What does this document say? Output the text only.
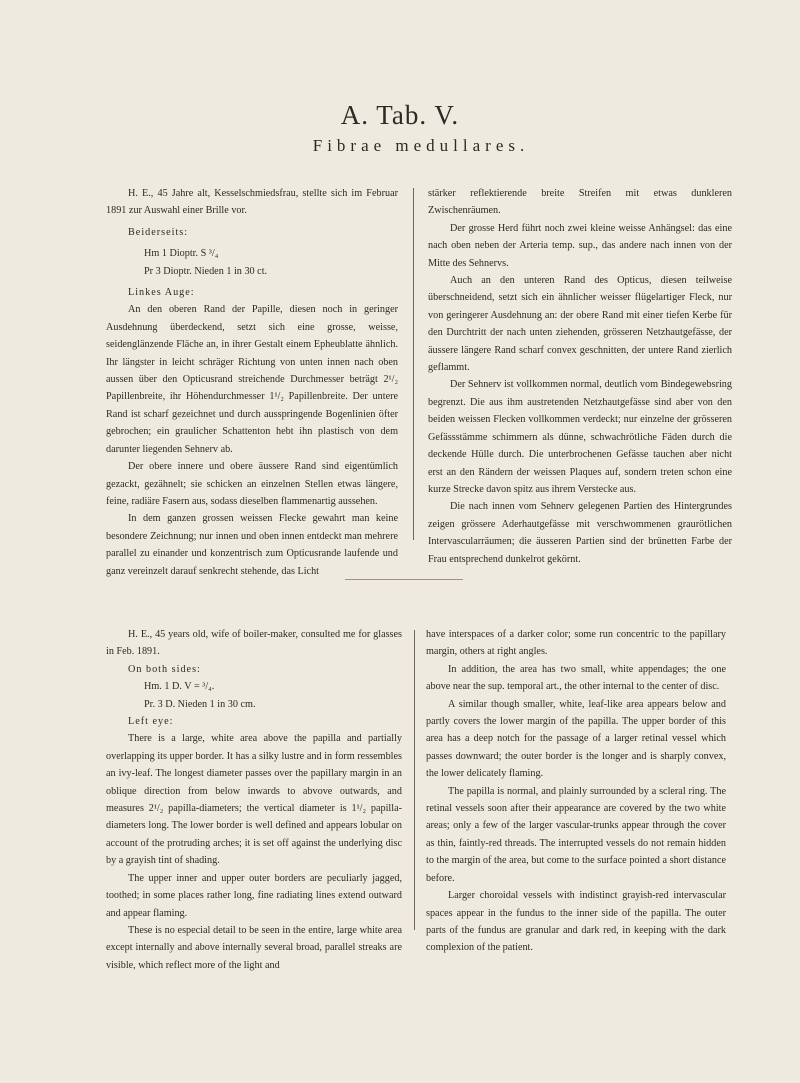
A. Tab. V.
Fibrae medullares.

H. E., 45 Jahre alt, Kesselschmiedsfrau, stellte sich im Februar 1891 zur Auswahl einer Brille vor.

Beiderseits:

Hm 1 Dioptr. S ³/₄

Pr 3 Dioptr. Nieden 1 in 30 ct.

Linkes Auge:

An den oberen Rand der Papille, diesen noch in geringer Ausdehnung überdeckend, setzt sich eine grosse, weisse, seidenglänzende Fläche an, in ihrer Gestalt einem Epheublatte ähnlich. Ihr längster in leicht schräger Richtung von unten innen nach oben aussen über den Opticusrand streichende Durchmesser beträgt 2¹/₂ Papillenbreite, ihr Höhendurchmesser 1¹/₂ Papillenbreite. Der untere Rand ist scharf gezeichnet und durch ausspringende Bogenlinien öfter gebrochen; ein graulicher Schattenton hebt ihn plastisch von dem darunter liegenden Sehnerv ab.

Der obere innere und obere äussere Rand sind eigentümlich gezackt, gezähnelt; sie schicken an einzelnen Stellen etwas längere, feine, radiäre Fasern aus, sodass dieselben flammenartig aussehen.

In dem ganzen grossen weissen Flecke gewahrt man keine besondere Zeichnung; nur innen und oben innen entdeckt man mehrere parallel zu einander und konzentrisch zum Opticusrande laufende und ganz vereinzelt darauf senkrecht stehende, das Licht

stärker reflektierende breite Streifen mit etwas dunkleren Zwischenräumen.

Der grosse Herd führt noch zwei kleine weisse Anhängsel: das eine nach oben neben der Arteria temp. sup., das andere nach innen von der Mitte des Sehnervs.

Auch an den unteren Rand des Opticus, diesen teilweise überschneidend, setzt sich ein ähnlicher weisser flügelartiger Fleck, nur von geringerer Ausdehnung an: der obere Rand mit einer tiefen Kerbe für den Durchtritt der nach unten ziehenden, grösseren Netzhautgefässe, der äussere längere Rand scharf convex geschnitten, der untere Rand zierlich geflammt.

Der Sehnerv ist vollkommen normal, deutlich vom Bindegewebsring begrenzt. Die aus ihm austretenden Netzhautgefässe sind aber von den beiden weissen Flecken vollkommen verdeckt; nur einzelne der grösseren Gefässstämme schimmern als dünne, schwachrötliche Fäden durch die deckende Hülle durch. Die unterbrochenen Gefässe tauchen aber nicht erst an den Rändern der weissen Plaques auf, sondern treten schon eine kurze Strecke davon spitz aus ihrem Verstecke aus.

Die nach innen vom Sehnerv gelegenen Partien des Hintergrundes zeigen grössere Aderhautgefässe mit verschwommenen graurötlichen Intervascularräumen; die äusseren Partien sind der brünetten Farbe der Frau entsprechend dunkelrot gekörnt.

H. E., 45 years old, wife of boiler-maker, consulted me for glasses in Feb. 1891.

On both sides:

Hm. 1 D. V = ³/₄.

Pr. 3 D. Nieden 1 in 30 cm.

Left eye:

There is a large, white area above the papilla and partially overlapping its upper border. It has a silky lustre and in form ressembles an ivy-leaf. The longest diameter passes over the papillary margin in an oblique direction from below inwards to abvove outwards, and measures 2¹/₂ papilla-diameters; the vertical diameter is 1¹/₂ papilla-diameters long. The lower border is well defined and appears lobular on account of the protruding arches; it is set off against the underlying disc by a grayish tint of shading.

The upper inner and upper outer borders are peculiarly jagged, toothed; in some places rather long, fine radiating lines extend outward and appear flaming.

These is no especial detail to be seen in the entire, large white area except internally and above internally several broad, parallel streaks are visible, which reflect more of the light and

have interspaces of a darker color; some run concentric to the papillary margin, others at right angles.

In addition, the area has two small, white appendages; the one above near the sup. temporal art., the other internal to the center of disc.

A similar though smaller, white, leaf-like area appears below and partly covers the lower margin of the papilla. The upper border of this area has a deep notch for the passage of a larger retinal vessel which passes downward; the outer border is the longer and is sharply convex, the lower delicately flaming.

The papilla is normal, and plainly surrounded by a scleral ring. The retinal vessels soon after their appearance are covered by the two white areas; only a few of the larger vascular-trunks appear through the cover as thin, faintly-red threads. The interrupted vessels do not remain hidden to the margin of the area, but come to the surface pointed a short distance before.

Larger choroidal vessels with indistinct grayish-red intervascular spaces appear in the fundus to the inner side of the papilla. The outer parts of the fundus are granular and dark red, in keeping with the dark complexion of the patient.
